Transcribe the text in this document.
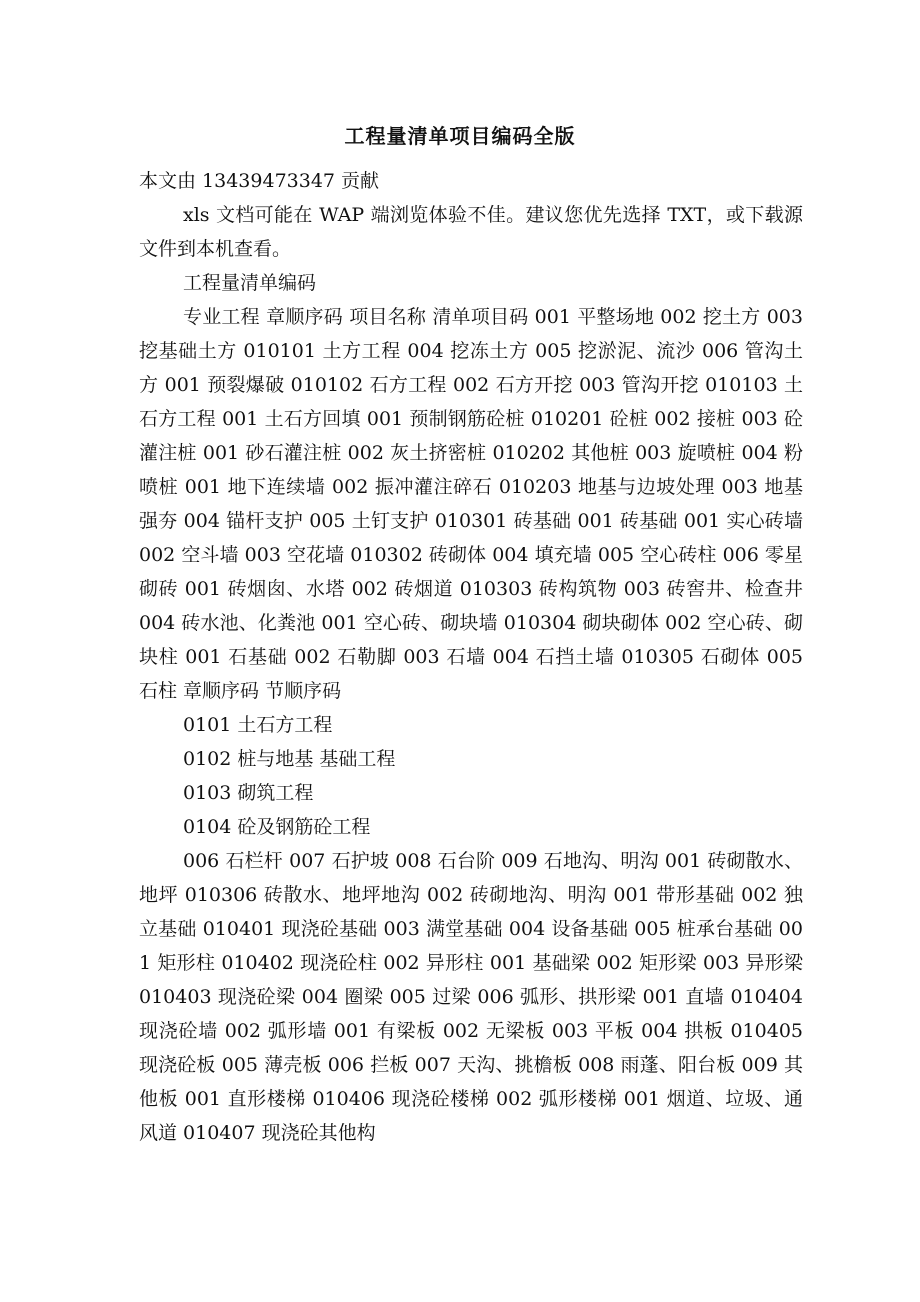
工程量清单项目编码全版

本文由 13439473347 贡献

xls 文档可能在 WAP 端浏览体验不佳。建议您优先选择 TXT，或下载源文件到本机查看。

工程量清单编码

专业工程 章顺序码 项目名称 清单项目码 001 平整场地 002 挖土方 003 挖基础土方 010101 土方工程 004 挖冻土方 005 挖淤泥、流沙 006 管沟土方 001 预裂爆破 010102 石方工程 002 石方开挖 003 管沟开挖 010103 土石方工程 001 土石方回填 001 预制钢筋砼桩 010201 砼桩 002 接桩 003 砼灌注桩 001 砂石灌注桩 002 灰土挤密桩 010202 其他桩 003 旋喷桩 004 粉喷桩 001 地下连续墙 002 振冲灌注碎石 010203 地基与边坡处理 003 地基强夯 004 锚杆支护 005 土钉支护 010301 砖基础 001 砖基础 001 实心砖墙 002 空斗墙 003 空花墙 010302 砖砌体 004 填充墙 005 空心砖柱 006 零星砌砖 001 砖烟囱、水塔 002 砖烟道 010303 砖构筑物 003 砖窖井、检查井 004 砖水池、化粪池 001 空心砖、砌块墙 010304 砌块砌体 002 空心砖、砌块柱 001 石基础 002 石勒脚 003 石墙 004 石挡土墙 010305 石砌体 005 石柱 章顺序码 节顺序码

0101 土石方工程

0102 桩与地基 基础工程

0103 砌筑工程

0104 砼及钢筋砼工程

006 石栏杆 007 石护坡 008 石台阶 009 石地沟、明沟 001 砖砌散水、地坪 010306 砖散水、地坪地沟 002 砖砌地沟、明沟 001 带形基础 002 独立基础 010401 现浇砼基础 003 满堂基础 004 设备基础 005 桩承台基础 001 矩形柱 010402 现浇砼柱 002 异形柱 001 基础梁 002 矩形梁 003 异形梁 010403 现浇砼梁 004 圈梁 005 过梁 006 弧形、拱形梁 001 直墙 010404 现浇砼墙 002 弧形墙 001 有梁板 002 无梁板 003 平板 004 拱板 010405 现浇砼板 005 薄壳板 006 拦板 007 天沟、挑檐板 008 雨蓬、阳台板 009 其他板 001 直形楼梯 010406 现浇砼楼梯 002 弧形楼梯 001 烟道、垃圾、通风道 010407 现浇砼其他构
